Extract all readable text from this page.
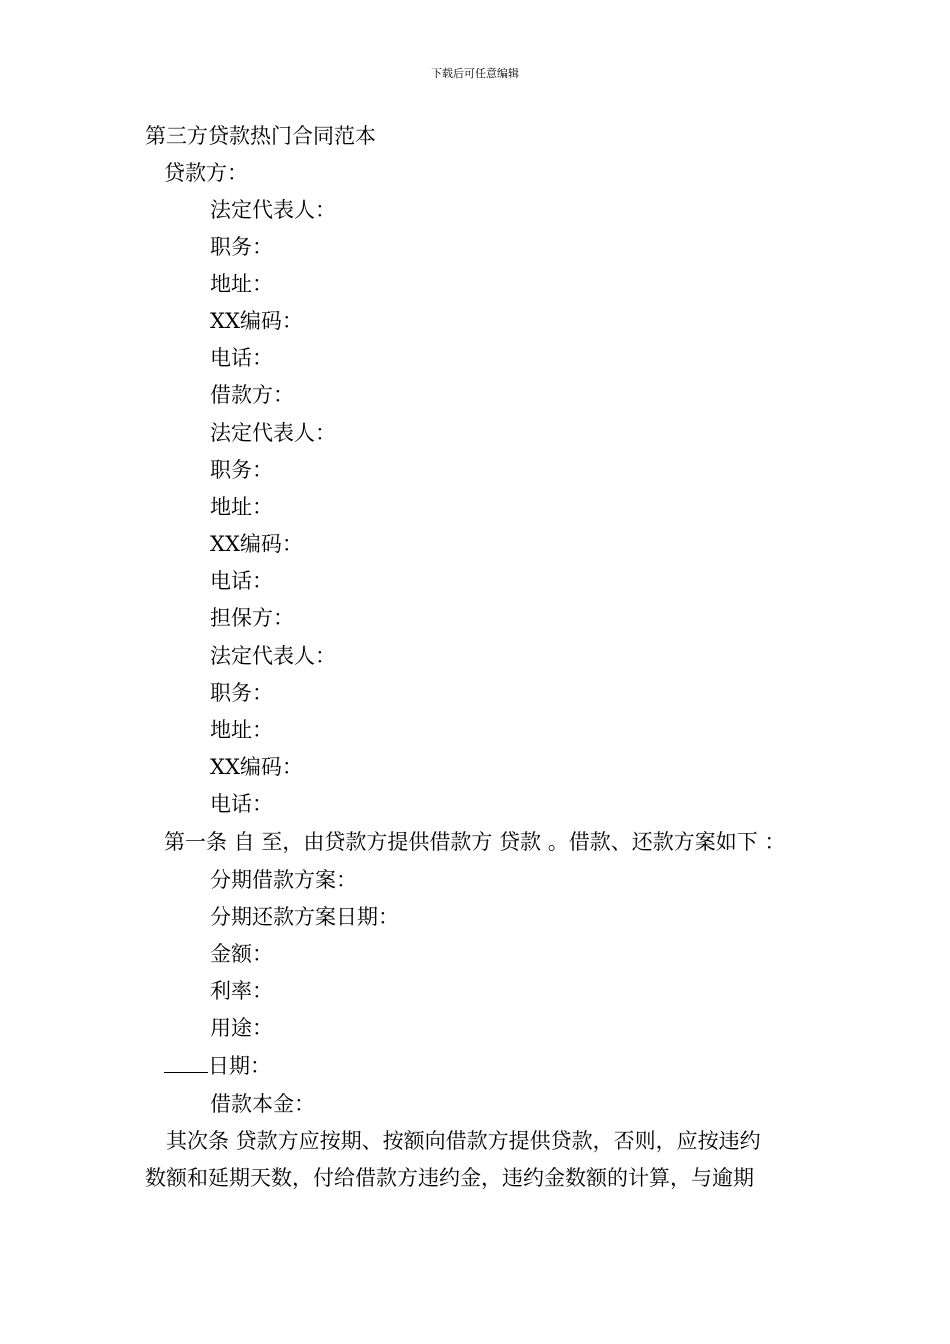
下载后可任意编辑
第三方贷款热门合同范本
贷款方：
法定代表人：
职务：
地址：
XX编码：
电话：
借款方：
法定代表人：
职务：
地址：
XX编码：
电话：
担保方：
法定代表人：
职务：
地址：
XX编码：
电话：
第一条 自 至，由贷款方提供借款方 贷款 。借款、还款方案如下 ：
分期借款方案：
分期还款方案日期：
金额：
利率：
用途：
日期：
借款本金：
其次条 贷款方应按期、按额向借款方提供贷款，否则，应按违约
数额和延期天数，付给借款方违约金，违约金数额的计算，与逾期
